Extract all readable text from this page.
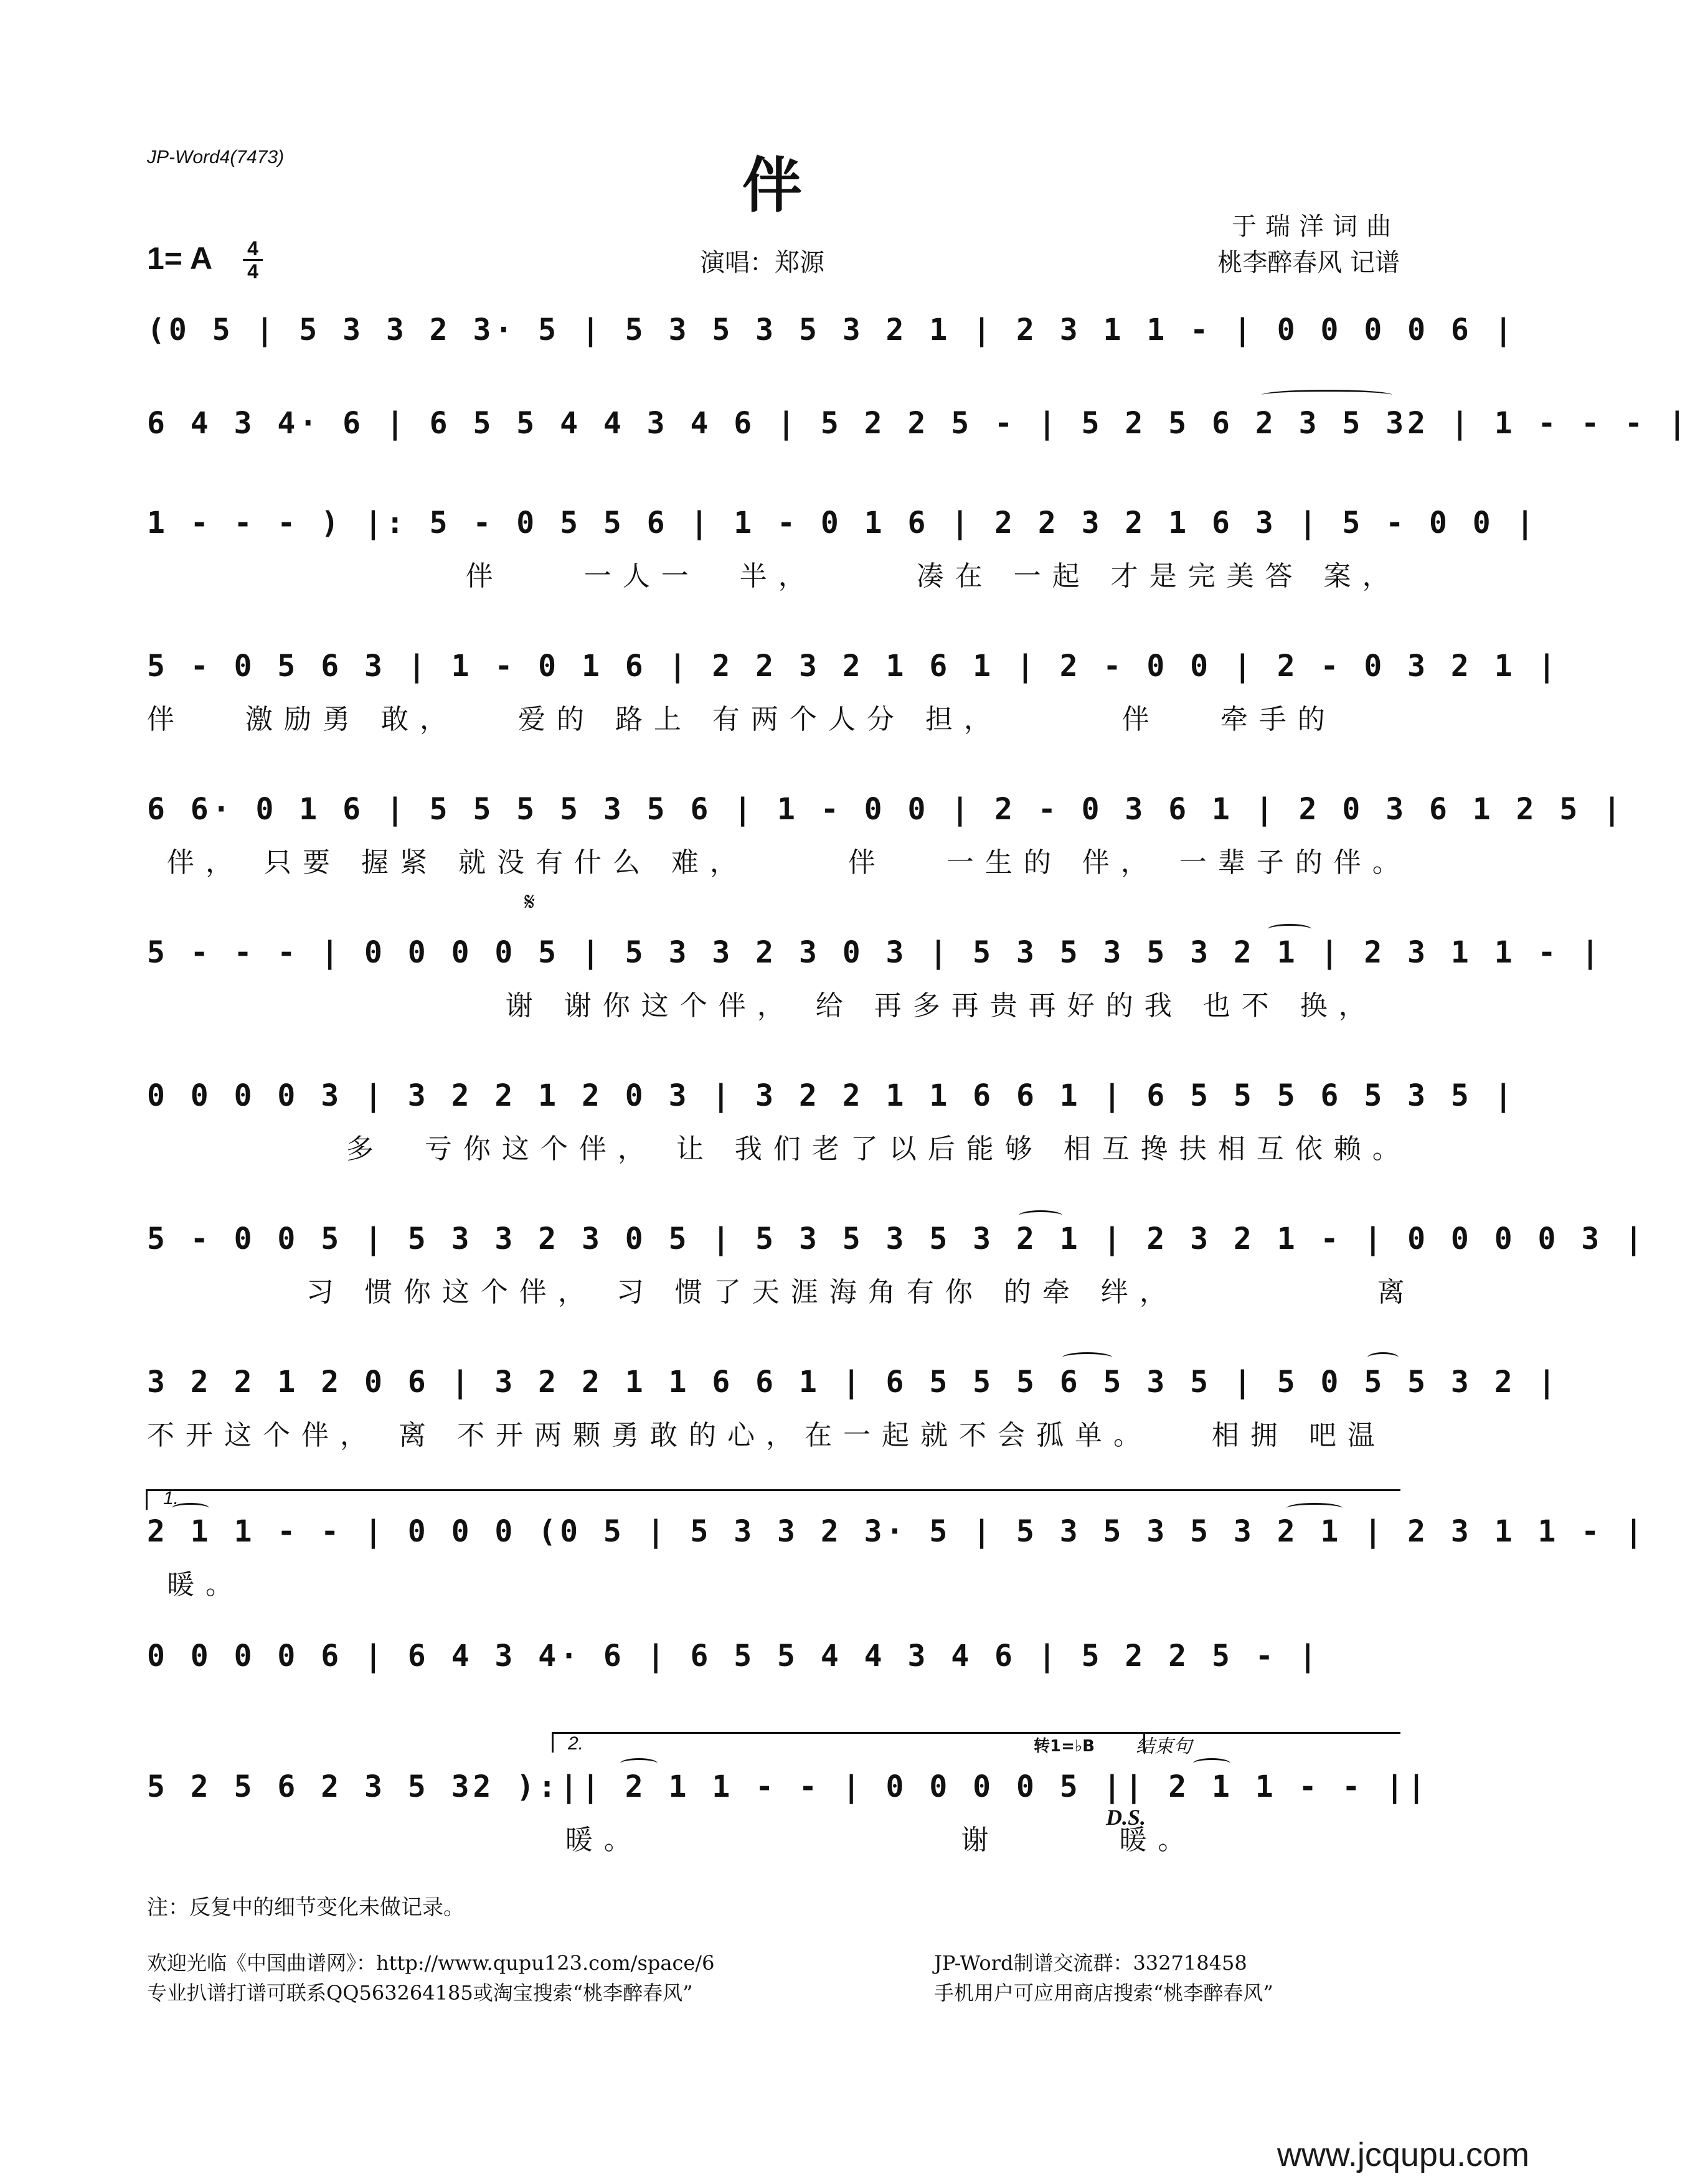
JP-Word4(7473)	伴
于瑞洋词曲
桃李醉春风 记谱
演唱：郑源
1= A 4
4
(0 5 | 5 3 3 2 3· 5 | 5 3 5 3 5 3 2 1 | 2 3 1 1 - | 0 0 0 0 6 |
6 4 3 4· 6 | 6 5 5 4 4 3 4 6 | 5 2 2 5 - | 5 2 5 6 2 3 5 32 | 1 - - - |
1 - - - ) |: 5 - 0 5 5 6 | 1 - 0 1 6 | 2 2 3 2 1 6 3 | 5 - 0 0 |
伴    一人一  半，     凑在 一起 才是完美答 案，
5 - 0 5 6 3 | 1 - 0 1 6 | 2 2 3 2 1 6 1 | 2 - 0 0 | 2 - 0 3 2 1 |
伴   激励勇 敢，   爱的 路上 有两个人分 担，      伴   牵手的
6 6· 0 1 6 | 5 5 5 5 3 5 6 | 1 - 0 0 | 2 - 0 3 6 1 | 2 0 3 6 1 2 5 |
伴， 只要 握紧 就没有什么 难，     伴   一生的 伴， 一辈子的伴。
𝄋
5 - - - | 0 0 0 0 5 | 5 3 3 2 3 0 3 | 5 3 5 3 5 3 2 1 | 2 3 1 1 - |
谢 谢你这个伴， 给 再多再贵再好的我 也不 换，
0 0 0 0 3 | 3 2 2 1 2 0 3 | 3 2 2 1 1 6 6 1 | 6 5 5 5 6 5 3 5 |
多  亏你这个伴， 让 我们老了以后能够 相互搀扶相互依赖。
5 - 0 0 5 | 5 3 3 2 3 0 5 | 5 3 5 3 5 3 2 1 | 2 3 2 1 - | 0 0 0 0 3 |
习 惯你这个伴， 习 惯了天涯海角有你 的牵 绊，          离
3 2 2 1 2 0 6 | 3 2 2 1 1 6 6 1 | 6 5 5 5 6 5 3 5 | 5 0 5 5 3 2 |
不开这个伴， 离 不开两颗勇敢的心，在一起就不会孤单。   相拥 吧温
1.
2 1 1 - - | 0 0 0 (0 5 | 5 3 3 2 3· 5 | 5 3 5 3 5 3 2 1 | 2 3 1 1 - |
暖。
0 0 0 0 6 | 6 4 3 4· 6 | 6 5 5 4 4 3 4 6 | 5 2 2 5 - |
2.	转1=♭B 结束句
5 2 5 6 2 3 5 32 ):|| 2 1 1 - - | 0 0 0 0 5 || 2 1 1 - - ||
暖。                谢      暖。
D.S.
注：反复中的细节变化未做记录。
欢迎光临《中国曲谱网》：http://www.qupu123.com/space/6
专业扒谱打谱可联系QQ563264185或淘宝搜索“桃李醉春风”
JP-Word制谱交流群：332718458
手机用户可应用商店搜索“桃李醉春风”
www.jcqupu.com
